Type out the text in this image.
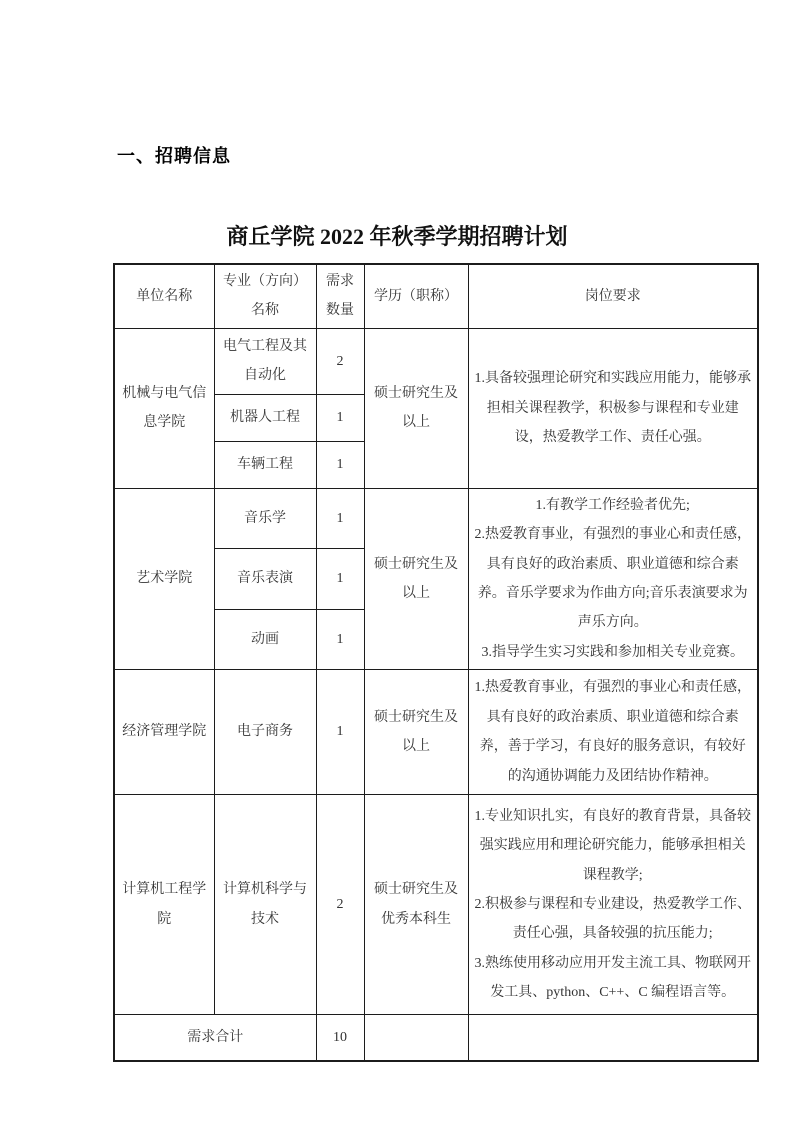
一、招聘信息
商丘学院 2022 年秋季学期招聘计划
单位名称	专业（方向）名称	需求数量	学历（职称）	岗位要求
机械与电气信息学院	电气工程及其自动化	2	硕士研究生及以上	1.具备较强理论研究和实践应用能力，能够承担相关课程教学，积极参与课程和专业建设，热爱教学工作、责任心强。

	机器人工程	1		
	车辆工程	1		
艺术学院	音乐学	1	硕士研究生及以上	1.有教学工作经验者优先;

2.热爱教育事业，有强烈的事业心和责任感，具有良好的政治素质、职业道德和综合素养。音乐学要求为作曲方向;音乐表演要求为声乐方向。

3.指导学生实习实践和参加相关专业竞赛。

	音乐表演	1		
	动画	1		
经济管理学院	电子商务	1	硕士研究生及以上	1.热爱教育事业，有强烈的事业心和责任感，具有良好的政治素质、职业道德和综合素养，善于学习，有良好的服务意识，有较好的沟通协调能力及团结协作精神。

计算机工程学院	计算机科学与技术	2	硕士研究生及优秀本科生	1.专业知识扎实，有良好的教育背景，具备较强实践应用和理论研究能力，能够承担相关课程教学;

2.积极参与课程和专业建设，热爱教学工作、责任心强，具备较强的抗压能力;

3.熟练使用移动应用开发主流工具、物联网开发工具、python、C++、C 编程语言等。

需求合计		10		
